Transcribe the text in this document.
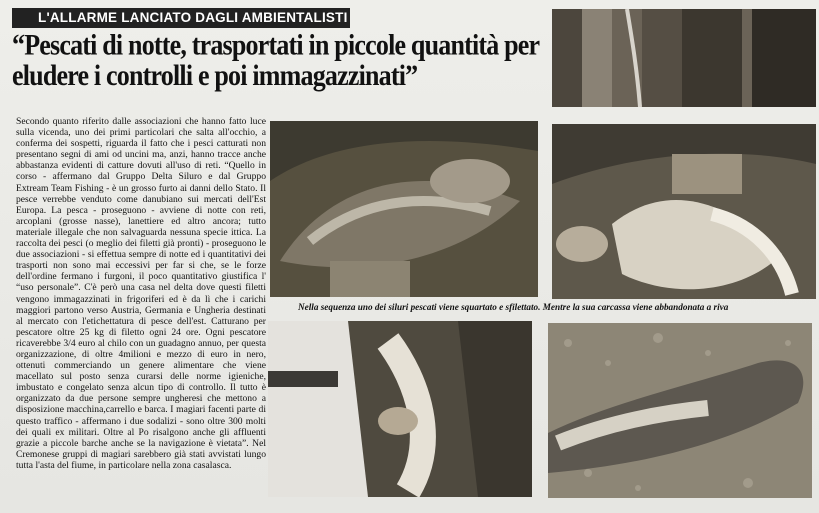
L'ALLARME LANCIATO DAGLI AMBIENTALISTI
“Pescati di notte, trasportati in piccole quantità per eludere i controlli e poi immagazzinati”
Secondo quanto riferito dalle associazioni che hanno fatto luce sulla vicenda, uno dei primi particolari che salta all'occhio, a conferma dei sospetti, riguarda il fatto che i pesci catturati non presentano segni di ami od uncini ma, anzi, hanno tracce anche abbastanza evidenti di catture dovuti all'uso di reti. “Quello in corso - affermano dal Gruppo Delta Siluro e dal Gruppo Extream Team Fishing - è un grosso furto ai danni dello Stato. Il pesce verrebbe venduto come danubiano sui mercati dell'Est Europa. La pesca - proseguono - avviene di notte con reti, arcoplani (grosse nasse), lanettiere ed altro ancora; tutto materiale illegale che non salvaguarda nessuna specie ittica. La raccolta dei pesci (o meglio dei filetti già pronti) - proseguono le due associazioni - si effettua sempre di notte ed i quantitativi dei trasporti non sono mai eccessivi per far si che, se le forze dell'ordine fermano i furgoni, il poco quantitativo giustifica l' “uso personale”. C'è però una casa nel delta dove questi filetti vengono immagazzinati in frigoriferi ed è da lì che i carichi maggiori partono verso Austria, Germania e Ungheria destinati al mercato con l'etichettatura di pesce dell'est. Catturano per pescatore oltre 25 kg di filetto ogni 24 ore. Ogni pescatore ricaverebbe 3/4 euro al chilo con un guadagno annuo, per questa organizzazione, di oltre 4milioni e mezzo di euro in nero, ottenuti commerciando un genere alimentare che viene macellato sul posto senza curarsi delle norme igieniche, imbustato e congelato senza alcun tipo di controllo. Il tutto è organizzato da due persone sempre ungheresi che mettono a disposizione macchina,carrello e barca. I magiari facenti parte di questo traffico - affermano i due sodalizi - sono oltre 300 molti dei quali ex militari. Oltre al Po risalgono anche gli affluenti grazie a piccole barche anche se la navigazione è vietata”. Nel Cremonese gruppi di magiari sarebbero già stati avvistati lungo tutta l'asta del fiume, in particolare nella zona casalasca.
Nella sequenza uno dei siluri pescati viene squartato e sfilettato. Mentre la sua carcassa viene abbandonata a riva
